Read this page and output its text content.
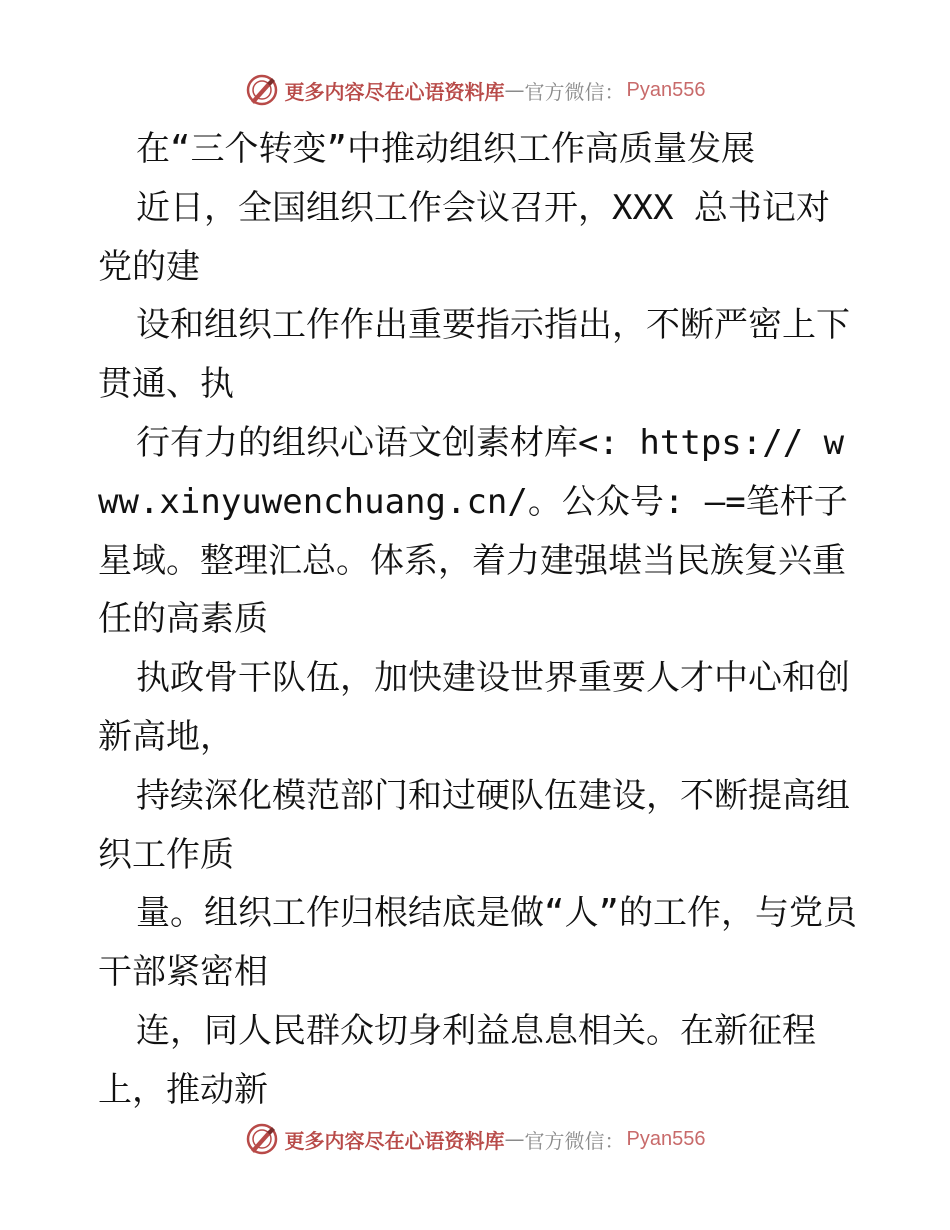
更多内容尽在心语资料库 — 官方微信： Pyan556

在“三个转变”中推动组织工作高质量发展

近日，全国组织工作会议召开，XXX 总书记对党的建

设和组织工作作出重要指示指出，不断严密上下贯通、执

行有力的组织心语文创素材库<: https:// www.xinyuwenchuang.cn/。公众号: —=笔杆子星域。整理汇总。体系，着力建强堪当民族复兴重任的高素质

执政骨干队伍，加快建设世界重要人才中心和创新高地，

持续深化模范部门和过硬队伍建设，不断提高组织工作质

量。组织工作归根结底是做“人”的工作，与党员干部紧密相

连，同人民群众切身利益息息相关。在新征程上，推动新

更多内容尽在心语资料库 — 官方微信： Pyan556
